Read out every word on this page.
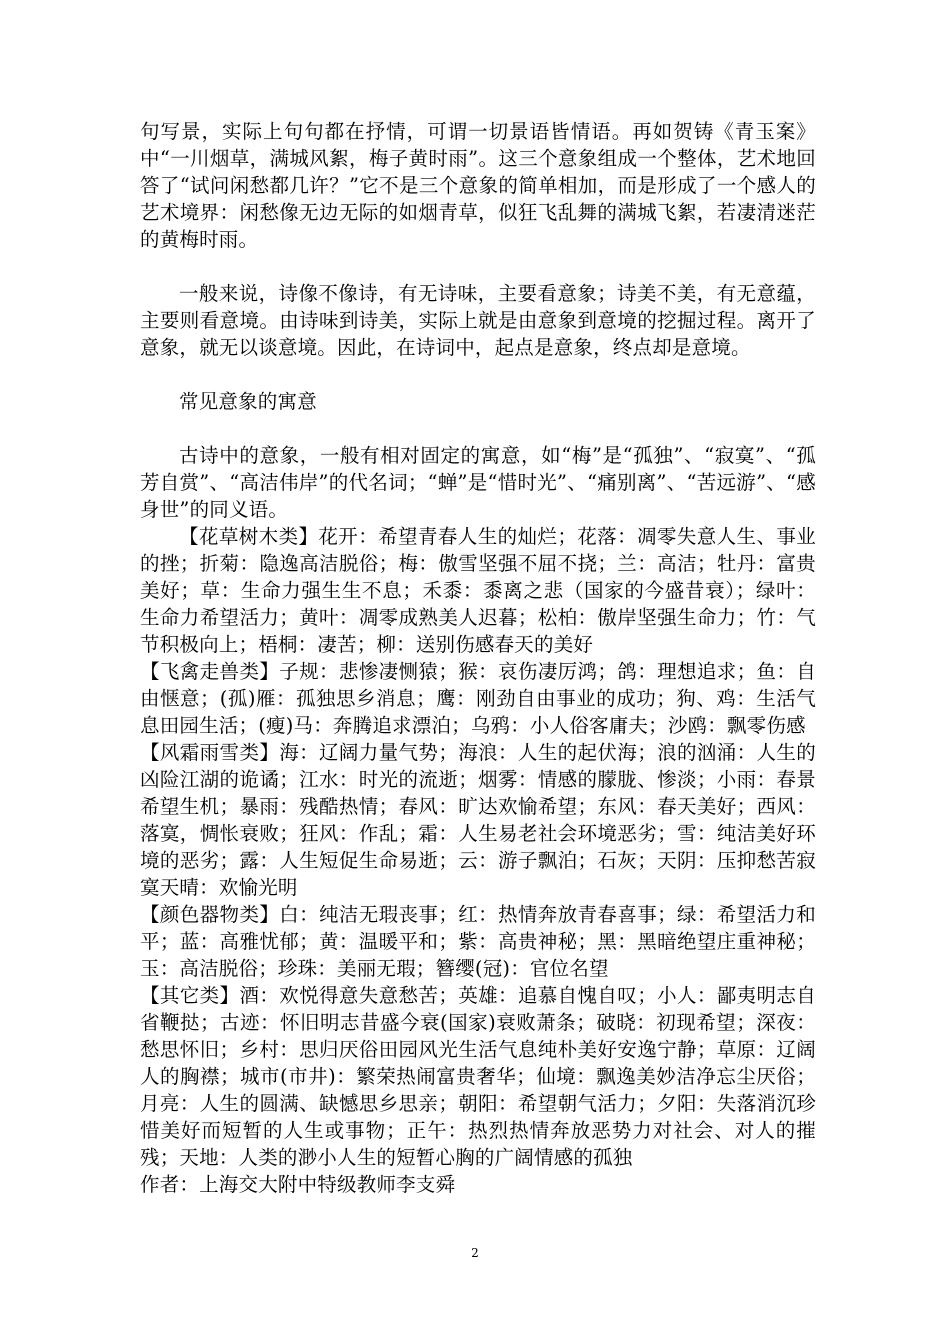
句写景，实际上句句都在抒情，可谓一切景语皆情语。再如贺铸《青玉案》中“一川烟草，满城风絮，梅子黄时雨”。这三个意象组成一个整体，艺术地回答了“试问闲愁都几许？”它不是三个意象的简单相加，而是形成了一个感人的艺术境界：闲愁像无边无际的如烟青草，似狂飞乱舞的满城飞絮，若凄清迷茫的黄梅时雨。

一般来说，诗像不像诗，有无诗味，主要看意象；诗美不美，有无意蕴，主要则看意境。由诗味到诗美，实际上就是由意象到意境的挖掘过程。离开了意象，就无以谈意境。因此，在诗词中，起点是意象，终点却是意境。

常见意象的寓意

古诗中的意象，一般有相对固定的寓意，如“梅”是“孤独”、“寂寞”、“孤芳自赏”、“高洁伟岸”的代名词；“蝉”是“惜时光”、“痛别离”、“苦远游”、“感身世”的同义语。

【花草树木类】花开：希望青春人生的灿烂；花落：凋零失意人生、事业的挫；折菊：隐逸高洁脱俗；梅：傲雪坚强不屈不挠；兰：高洁；牡丹：富贵美好；草：生命力强生生不息；禾黍：黍离之悲（国家的今盛昔衰）；绿叶：生命力希望活力；黄叶：凋零成熟美人迟暮；松柏：傲岸坚强生命力；竹：气节积极向上；梧桐：凄苦；柳：送别伤感春天的美好

【飞禽走兽类】子规：悲惨凄恻猿；猴：哀伤凄厉鸿；鸽：理想追求；鱼：自由惬意；(孤)雁：孤独思乡消息；鹰：刚劲自由事业的成功；狗、鸡：生活气息田园生活；(瘦)马：奔腾追求漂泊；乌鸦：小人俗客庸夫；沙鸥：飘零伤感

【风霜雨雪类】海：辽阔力量气势；海浪：人生的起伏海；浪的汹涌：人生的凶险江湖的诡谲；江水：时光的流逝；烟雾：情感的朦胧、惨淡；小雨：春景希望生机；暴雨：残酷热情；春风：旷达欢愉希望；东风：春天美好；西风：落寞，惆怅衰败；狂风：作乱；霜：人生易老社会环境恶劣；雪：纯洁美好环境的恶劣；露：人生短促生命易逝；云：游子飘泊；石灰；天阴：压抑愁苦寂寞天晴：欢愉光明

【颜色器物类】白：纯洁无瑕丧事；红：热情奔放青春喜事；绿：希望活力和平；蓝：高雅忧郁；黄：温暖平和；紫：高贵神秘；黑：黑暗绝望庄重神秘；玉：高洁脱俗；珍珠：美丽无瑕；簪缨(冠)：官位名望

【其它类】酒：欢悦得意失意愁苦；英雄：追慕自愧自叹；小人：鄙夷明志自省鞭挞；古迹：怀旧明志昔盛今衰(国家)衰败萧条；破晓：初现希望；深夜：愁思怀旧；乡村：思归厌俗田园风光生活气息纯朴美好安逸宁静；草原：辽阔人的胸襟；城市(市井)：繁荣热闹富贵奢华；仙境：飘逸美妙洁净忘尘厌俗；月亮：人生的圆满、缺憾思乡思亲；朝阳：希望朝气活力；夕阳：失落消沉珍惜美好而短暂的人生或事物；正午：热烈热情奔放恶势力对社会、对人的摧残；天地：人类的渺小人生的短暂心胸的广阔情感的孤独

作者：上海交大附中特级教师李支舜

2
